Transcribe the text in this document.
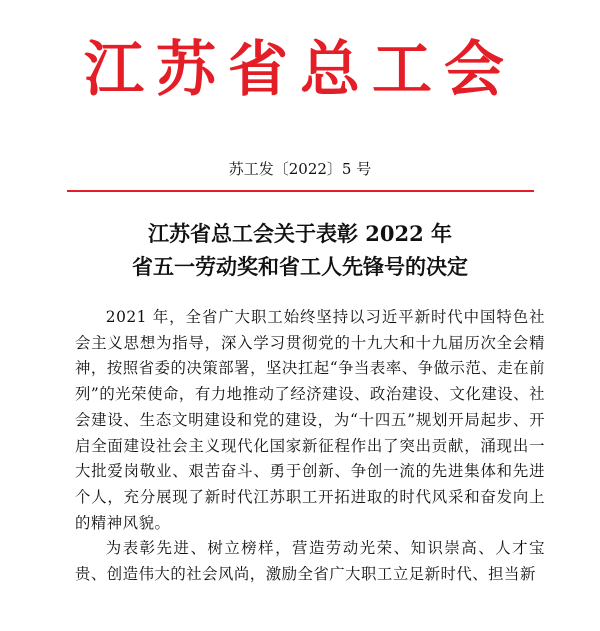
江苏省总工会
苏工发〔2022〕5 号
江苏省总工会关于表彰 2022 年
省五一劳动奖和省工人先锋号的决定

2021 年，全省广大职工始终坚持以习近平新时代中国特色社会主义思想为指导，深入学习贯彻党的十九大和十九届历次全会精神，按照省委的决策部署，坚决扛起“争当表率、争做示范、走在前列”的光荣使命，有力地推动了经济建设、政治建设、文化建设、社会建设、生态文明建设和党的建设，为“十四五”规划开局起步、开启全面建设社会主义现代化国家新征程作出了突出贡献，涌现出一大批爱岗敬业、艰苦奋斗、勇于创新、争创一流的先进集体和先进个人，充分展现了新时代江苏职工开拓进取的时代风采和奋发向上的精神风貌。

为表彰先进、树立榜样，营造劳动光荣、知识崇高、人才宝贵、创造伟大的社会风尚，激励全省广大职工立足新时代、担当新
